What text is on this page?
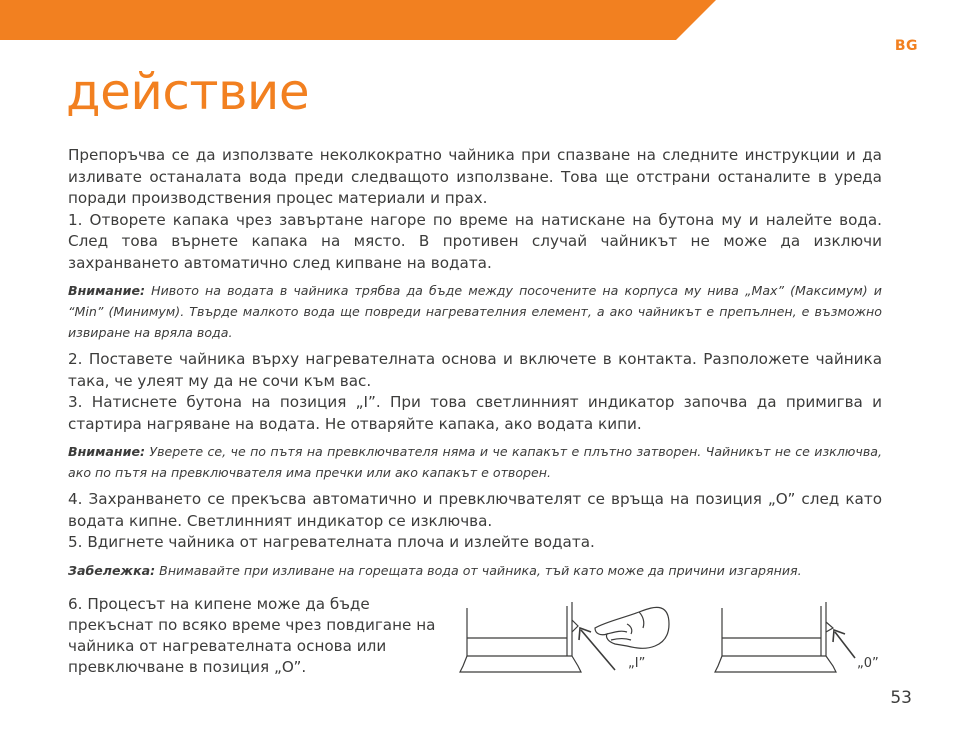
BG
действие

Препоръчва се да използвате неколкократно чайника при спазване на следните инструкции и да изливате останалата вода преди следващото използване. Това ще отстрани останалите в уреда поради производствения процес материали и прах.

1. Отворете капака чрез завъртане нагоре по време на натискане на бутона му и налейте вода. След това върнете капака на място. В противен случай чайникът не може да изключи захранването автоматично след кипване на водата.

Внимание: Нивото на водата в чайника трябва да бъде между посочените на корпуса му нива „Max” (Максимум) и “Min” (Минимум). Твърде малкото вода ще повреди нагревателния елемент, а ако чайникът е препълнен, е възможно извиране на вряла вода.

2. Поставете чайника върху нагревателната основа и включете в контакта. Разположете чайника така, че улеят му да не сочи към вас.

3. Натиснете бутона на позиция „I”. При това светлинният индикатор започва да примигва и стартира нагряване на водата. Не отваряйте капака, ако водата кипи.

Внимание: Уверете се, че по пътя на превключвателя няма и че капакът е плътно затворен. Чайникът не се изключва, ако по пътя на превключвателя има пречки или ако капакът е отворен.

4. Захранването се прекъсва автоматично и превключвателят се връща на позиция „O” след като водата кипне. Светлинният индикатор се изключва.

5. Вдигнете чайника от нагревателната плоча и излейте водата.

Забележка: Внимавайте при изливане на горещата вода от чайника, тъй като може да причини изгаряния.

6. Процесът на кипене може да бъде прекъснат по всяко време чрез повдигане на чайника от нагревателната основа или превключване в позиция „O”.	„I”	„0”
53
